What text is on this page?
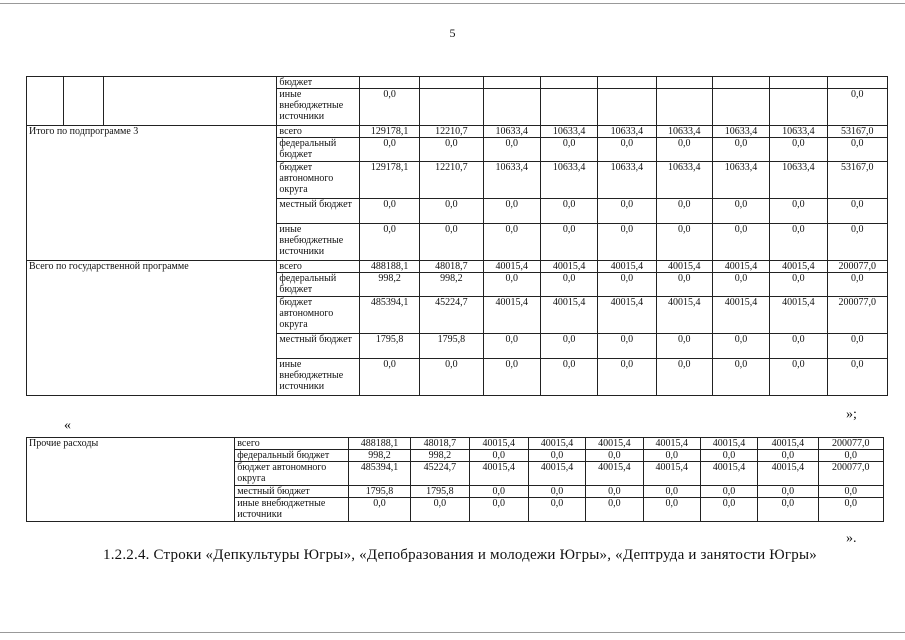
5
			бюджет									
			иные внебюджетные источники	0,0								0,0
Итого по подпрограмме 3			всего	129178,1	12210,7	10633,4	10633,4	10633,4	10633,4	10633,4	10633,4	53167,0
			федеральный бюджет	0,0	0,0	0,0	0,0	0,0	0,0	0,0	0,0	0,0
			бюджет автономного округа	129178,1	12210,7	10633,4	10633,4	10633,4	10633,4	10633,4	10633,4	53167,0
			местный бюджет	0,0	0,0	0,0	0,0	0,0	0,0	0,0	0,0	0,0
			иные внебюджетные источники	0,0	0,0	0,0	0,0	0,0	0,0	0,0	0,0	0,0
Всего по государственной программе			всего	488188,1	48018,7	40015,4	40015,4	40015,4	40015,4	40015,4	40015,4	200077,0
			федеральный бюджет	998,2	998,2	0,0	0,0	0,0	0,0	0,0	0,0	0,0
			бюджет автономного округа	485394,1	45224,7	40015,4	40015,4	40015,4	40015,4	40015,4	40015,4	200077,0
			местный бюджет	1795,8	1795,8	0,0	0,0	0,0	0,0	0,0	0,0	0,0
			иные внебюджетные источники	0,0	0,0	0,0	0,0	0,0	0,0	0,0	0,0	0,0
»;
«
Прочие расходы	всего	488188,1	48018,7	40015,4	40015,4	40015,4	40015,4	40015,4	40015,4	200077,0
	федеральный бюджет	998,2	998,2	0,0	0,0	0,0	0,0	0,0	0,0	0,0
	бюджет автономного округа	485394,1	45224,7	40015,4	40015,4	40015,4	40015,4	40015,4	40015,4	200077,0
	местный бюджет	1795,8	1795,8	0,0	0,0	0,0	0,0	0,0	0,0	0,0
	иные внебюджетные источники	0,0	0,0	0,0	0,0	0,0	0,0	0,0	0,0	0,0
».
1.2.2.4. Строки «Депкультуры Югры», «Депобразования и молодежи Югры», «Дептруда и занятости Югры»
